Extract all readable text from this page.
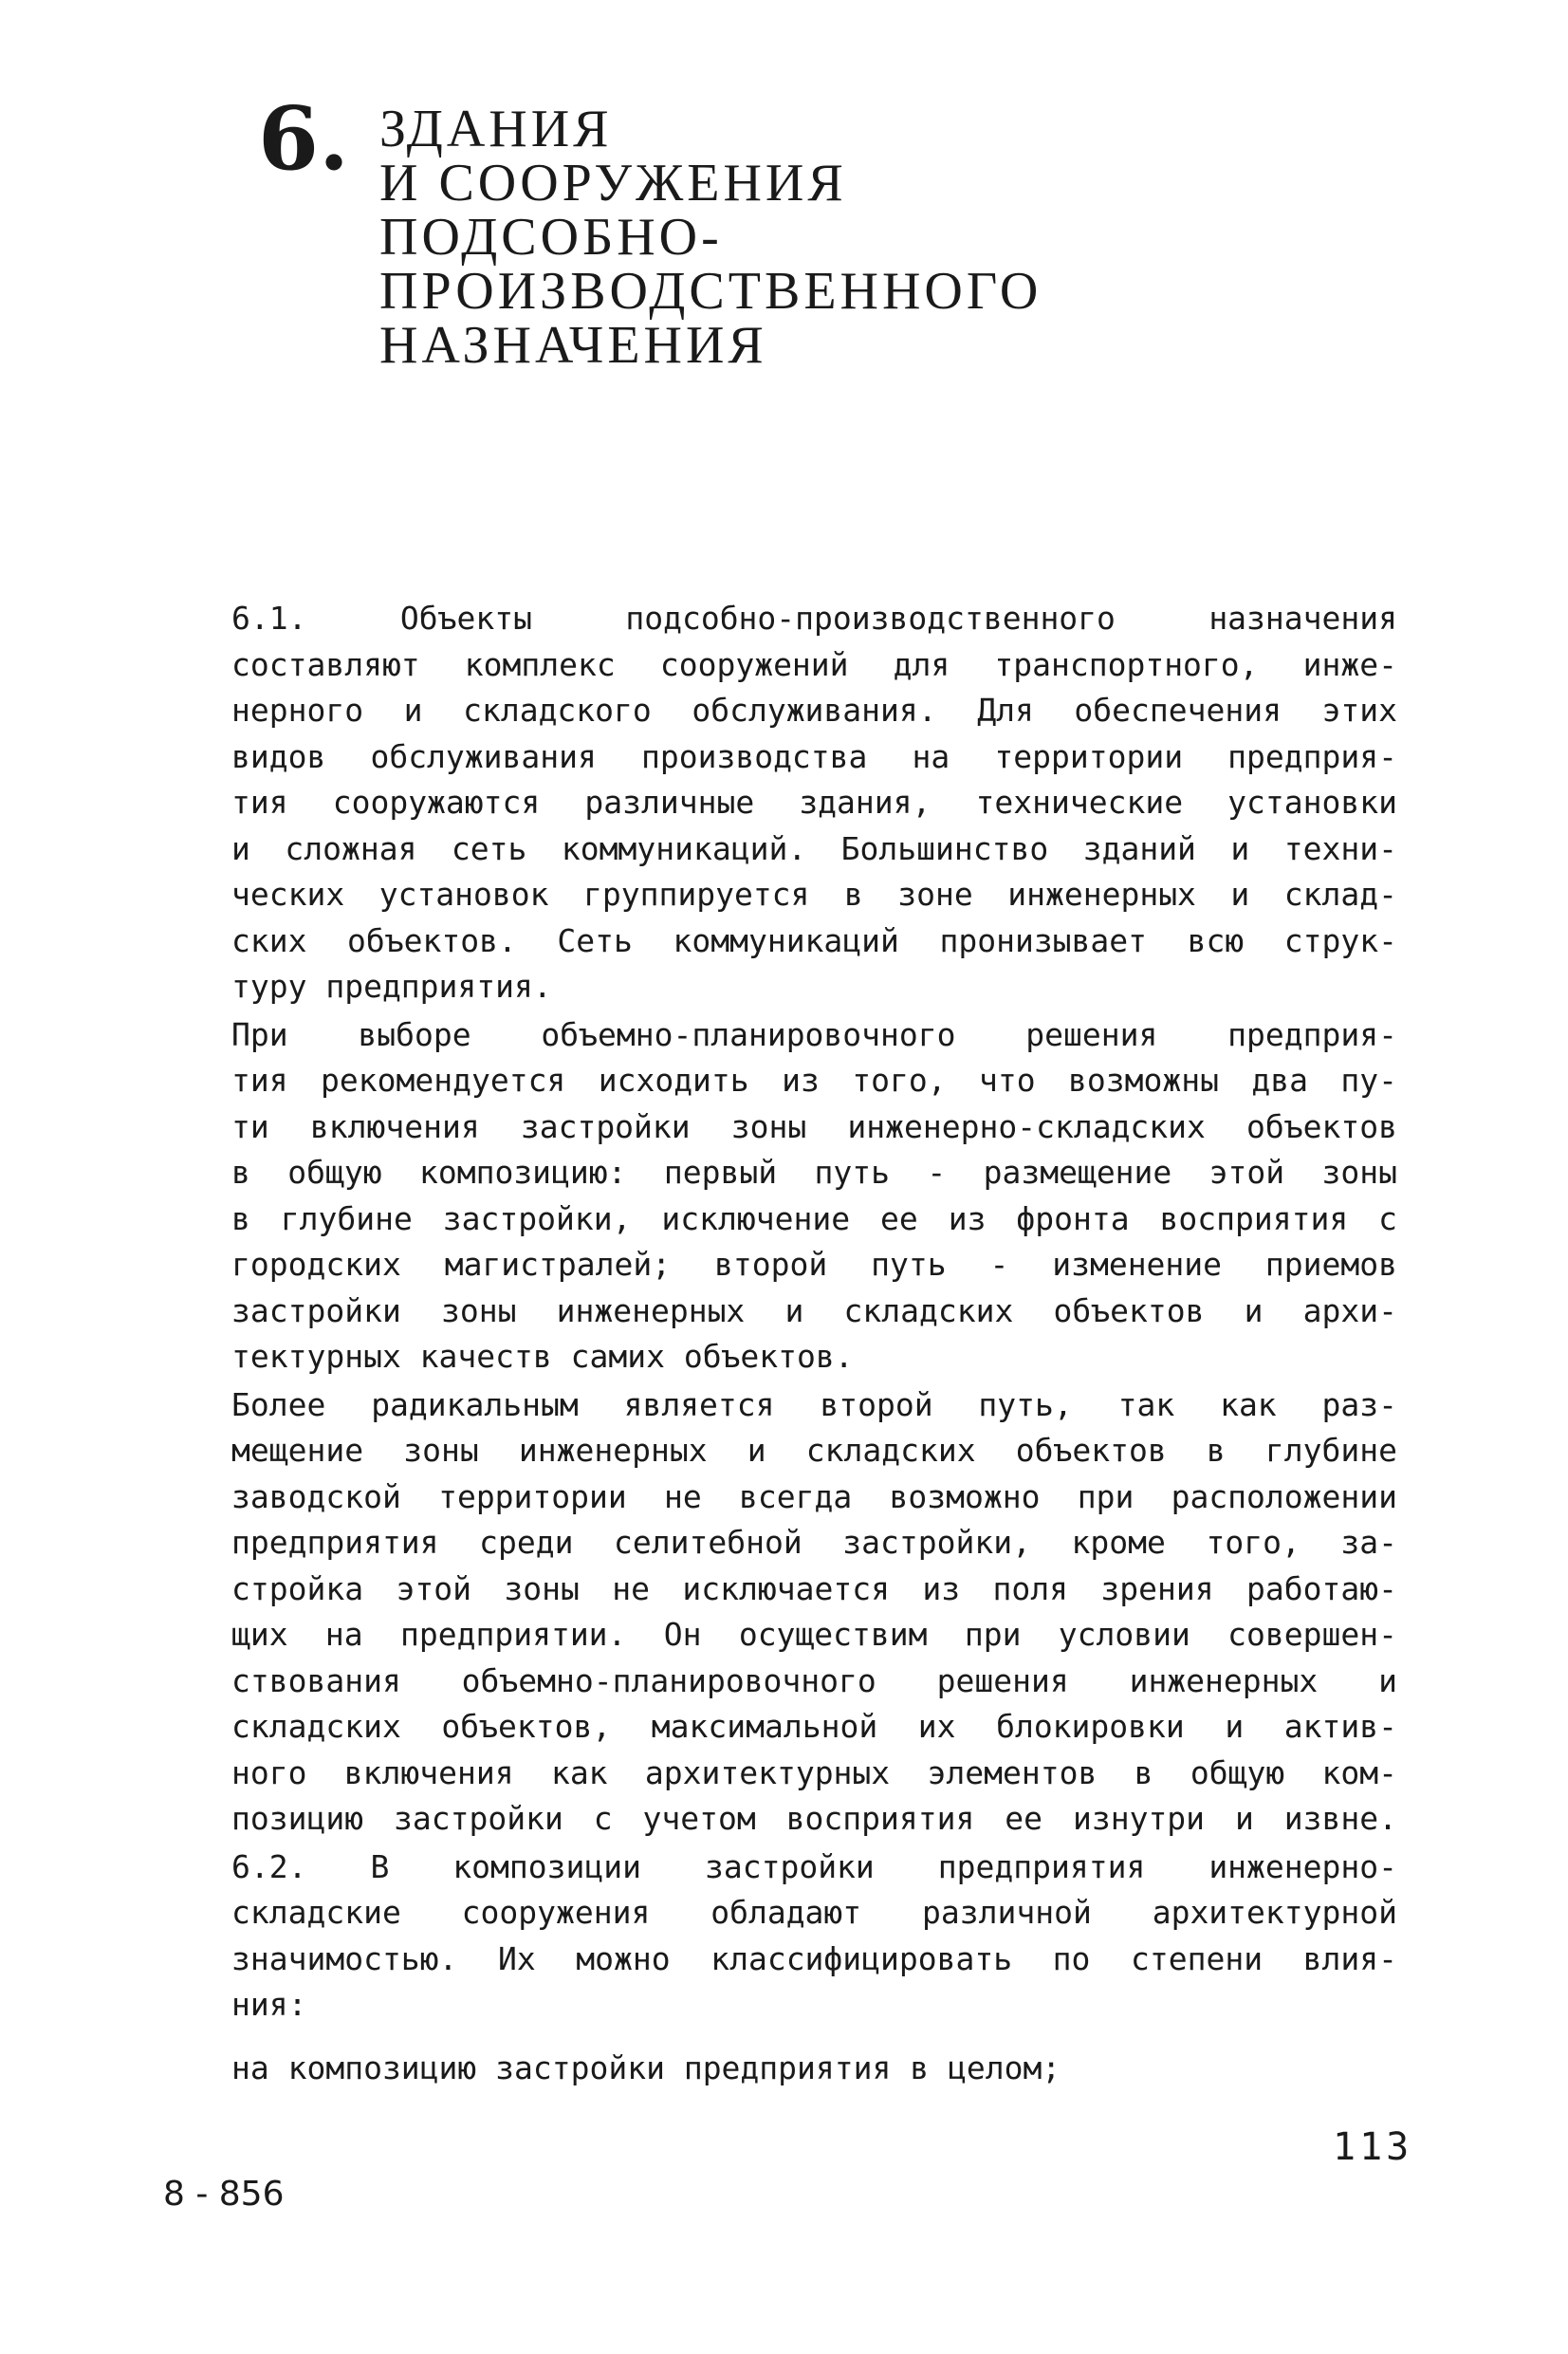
6. ЗДАНИЯ
И СООРУЖЕНИЯ
ПОДСОБНО-
ПРОИЗВОДСТВЕННОГО
НАЗНАЧЕНИЯ
6.1. Объекты подсобно-производственного назначения
составляют комплекс сооружений для транспортного, инже-
нерного и складского обслуживания. Для обеспечения этих
видов обслуживания производства на территории предприя-
тия сооружаются различные здания, технические установки
и сложная сеть коммуникаций. Большинство зданий и техни-
ческих установок группируется в зоне инженерных и склад-
ских объектов. Сеть коммуникаций пронизывает всю струк-
туру предприятия.
При выборе объемно-планировочного решения предприя-
тия рекомендуется исходить из того, что возможны два пу-
ти включения застройки зоны инженерно-складских объектов
в общую композицию: первый путь - размещение этой зоны
в глубине застройки, исключение ее из фронта восприятия с
городских магистралей; второй путь - изменение приемов
застройки зоны инженерных и складских объектов и архи-
тектурных качеств самих объектов.
Более радикальным является второй путь, так как раз-
мещение зоны инженерных и складских объектов в глубине
заводской территории не всегда возможно при расположении
предприятия среди селитебной застройки, кроме того, за-
стройка этой зоны не исключается из поля зрения работаю-
щих на предприятии. Он осуществим при условии совершен-
ствования объемно-планировочного решения инженерных и
складских объектов, максимальной их блокировки и актив-
ного включения как архитектурных элементов в общую ком-
позицию застройки с учетом восприятия ее изнутри и извне.
6.2. В композиции застройки предприятия инженерно-
складские сооружения обладают различной архитектурной
значимостью. Их можно классифицировать по степени влия-
ния:
на композицию застройки предприятия в целом;
113
8 - 856
